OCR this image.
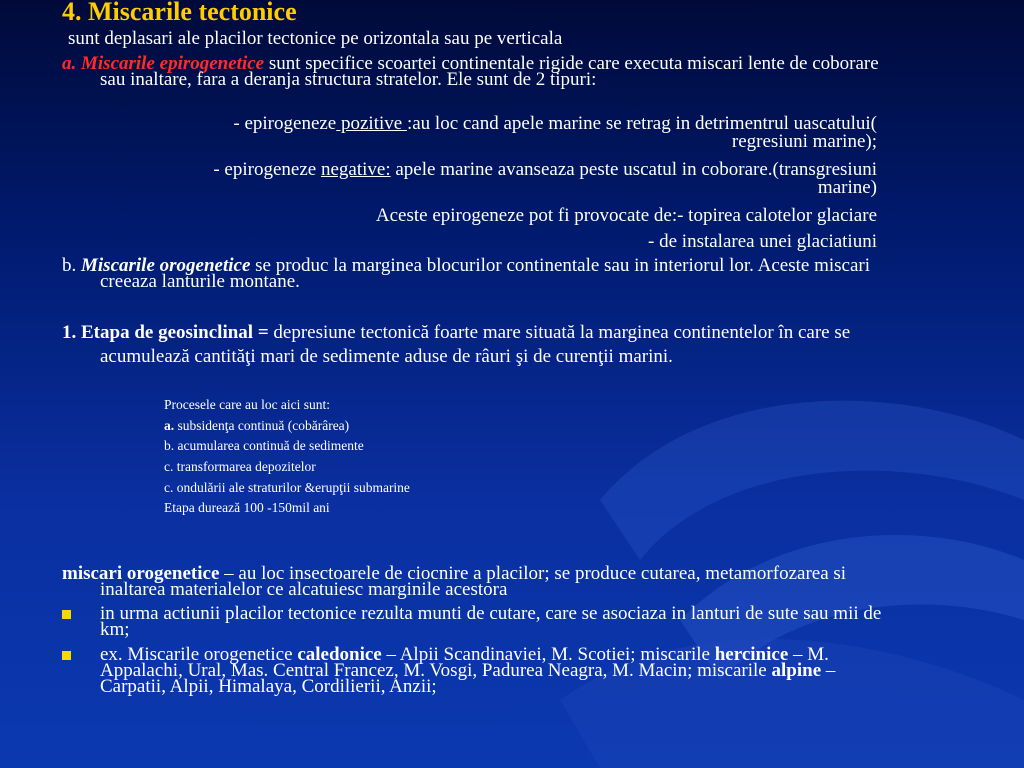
4. Miscarile tectonice
sunt deplasari ale placilor tectonice pe orizontala sau pe verticala
a. Miscarile epirogenetice sunt specifice scoartei continentale rigide care executa miscari lente de coborare sau inaltare, fara a deranja structura stratelor. Ele sunt de 2 tipuri:
- epirogeneze pozitive :au loc cand apele marine se retrag in detrimentrul uascatului( regresiuni marine);
- epirogeneze negative: apele marine avanseaza peste uscatul in coborare.(transgresiuni marine)
Aceste epirogeneze pot fi provocate de:- topirea calotelor glaciare
- de instalarea unei glaciatiuni
b. Miscarile orogenetice se produc la marginea blocurilor continentale sau in interiorul lor. Aceste miscari creeaza lanturile montane.
1. Etapa de geosinclinal = depresiune tectonică foarte mare situată la marginea continentelor în care se acumulează cantităţi mari de sedimente aduse de râuri şi de curenţii marini.
Procesele care au loc aici sunt:
a. subsidenţa continuă (cobărârea)
b. acumularea continuă de sedimente
c. transformarea depozitelor
c. ondulării ale straturilor &erupţii submarine
Etapa durează 100 -150mil ani
miscari orogenetice – au loc insectoarele de ciocnire a placilor; se produce cutarea, metamorfozarea si inaltarea materialelor ce alcatuiesc marginile acestora
in urma actiunii placilor tectonice rezulta munti de cutare, care se asociaza in lanturi de sute sau mii de km;
ex. Miscarile orogenetice caledonice – Alpii Scandinaviei, M. Scotiei; miscarile hercinice – M. Appalachi, Ural, Mas. Central Francez, M. Vosgi, Padurea Neagra, M. Macin; miscarile alpine – Carpatii, Alpii, Himalaya, Cordilierii, Anzii;
